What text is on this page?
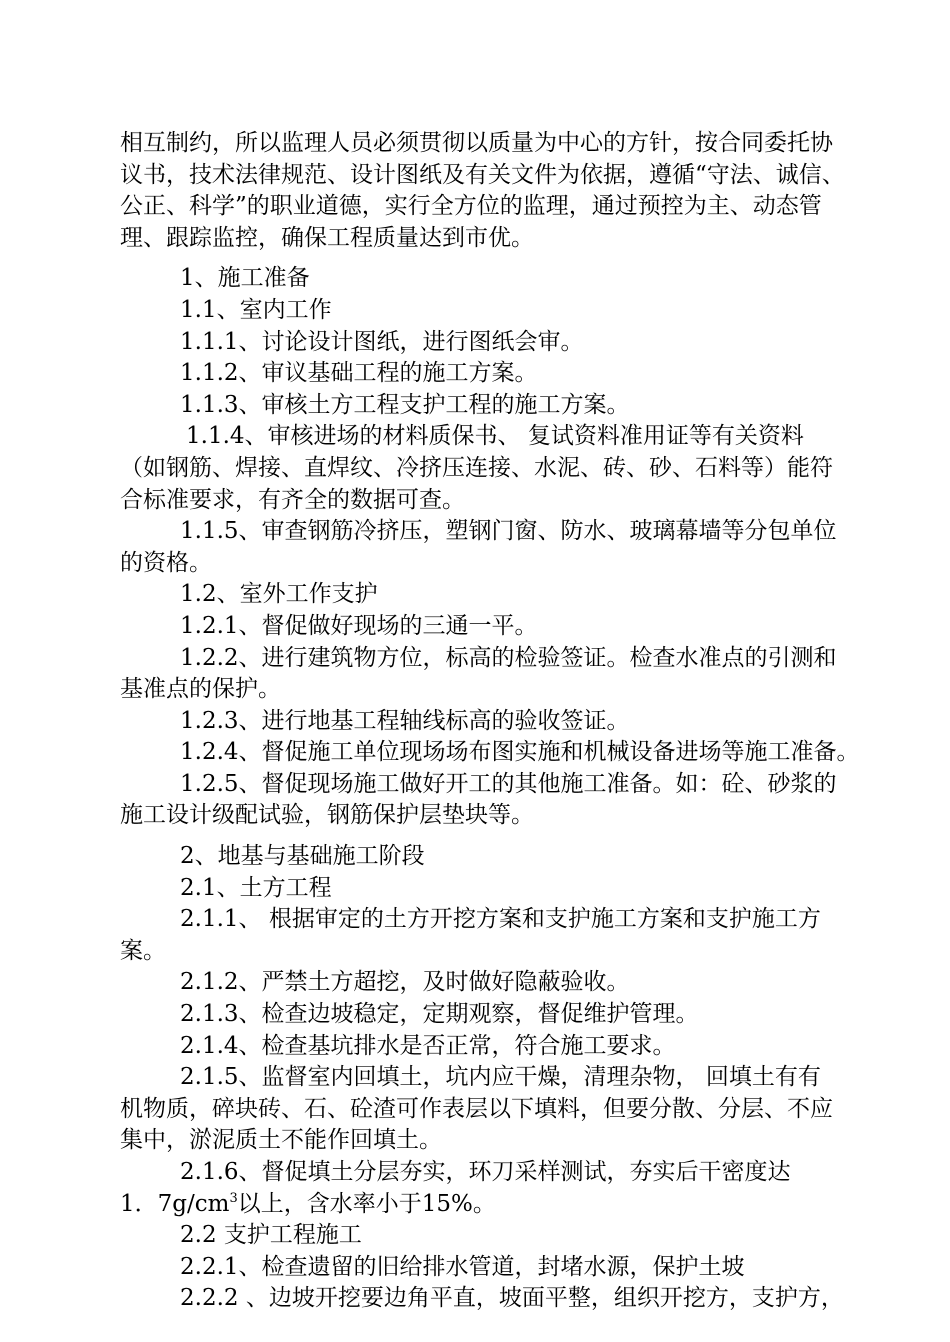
相互制约，所以监理人员必须贯彻以质量为中心的方针，按合同委托协
议书，技术法律规范、设计图纸及有关文件为依据，遵循“守法、诚信、
公正、科学”的职业道德，实行全方位的监理，通过预控为主、动态管
理、跟踪监控，确保工程质量达到市优。
1、施工准备
1.1、室内工作
1.1.1、讨论设计图纸，进行图纸会审。
1.1.2、审议基础工程的施工方案。
1.1.3、审核土方工程支护工程的施工方案。
1.1.4、审核进场的材料质保书、 复试资料准用证等有关资料
（如钢筋、焊接、直焊纹、冷挤压连接、水泥、砖、砂、石料等）能符
合标准要求，有齐全的数据可查。
1.1.5、审查钢筋冷挤压，塑钢门窗、防水、玻璃幕墙等分包单位
的资格。
1.2、室外工作支护
1.2.1、督促做好现场的三通一平。
1.2.2、进行建筑物方位，标高的检验签证。检查水准点的引测和
基准点的保护。
1.2.3、进行地基工程轴线标高的验收签证。
1.2.4、督促施工单位现场场布图实施和机械设备进场等施工准备。
1.2.5、督促现场施工做好开工的其他施工准备。如：砼、砂浆的
施工设计级配试验，钢筋保护层垫块等。
2、地基与基础施工阶段
2.1、土方工程
2.1.1、 根据审定的土方开挖方案和支护施工方案和支护施工方
案。
2.1.2、严禁土方超挖，及时做好隐蔽验收。
2.1.3、检查边坡稳定，定期观察，督促维护管理。
2.1.4、检查基坑排水是否正常，符合施工要求。
2.1.5、监督室内回填土，坑内应干燥，清理杂物， 回填土有有
机物质，碎块砖、石、砼渣可作表层以下填料，但要分散、分层、不应
集中，淤泥质土不能作回填土。
2.1.6、督促填土分层夯实，环刀采样测试，夯实后干密度达
1．$7g/cm^3$以上，含水率小于15%。
2.2 支护工程施工
2.2.1、检查遗留的旧给排水管道，封堵水源，保护土坡
2.2.2 、边坡开挖要边角平直，坡面平整，组织开挖方，支护方，
